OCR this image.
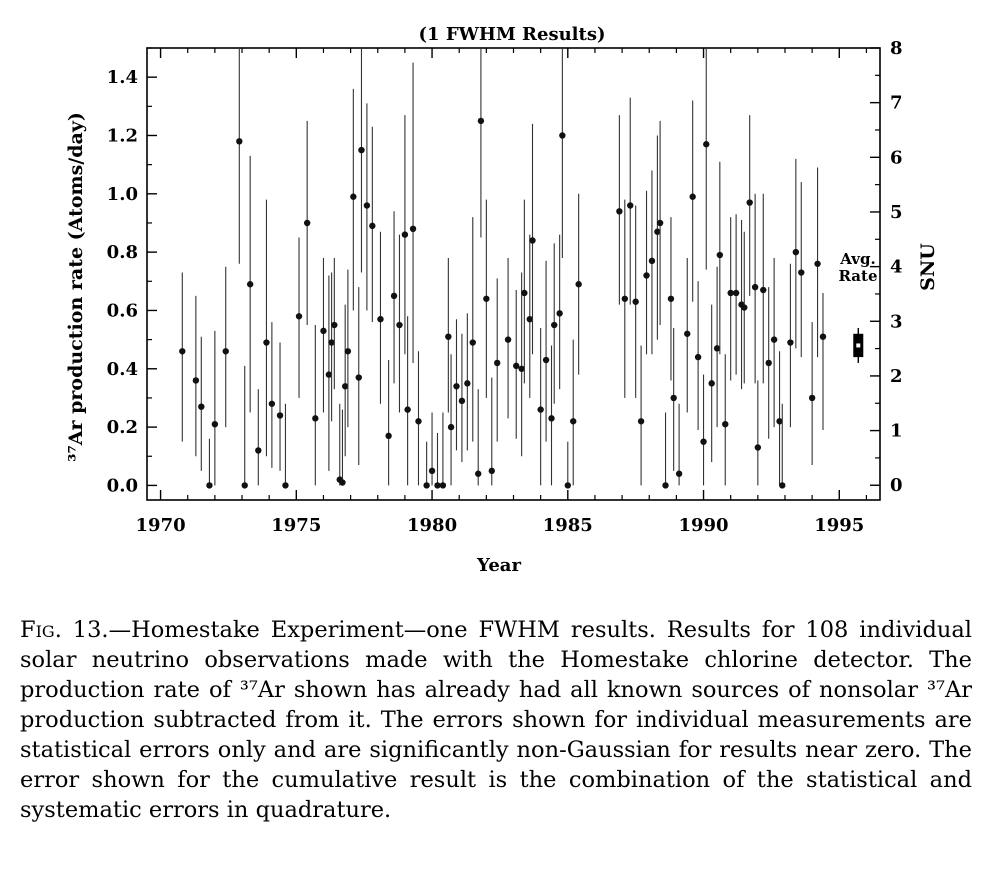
1970	1975	1980	1985	1990	1995
0.0
0.2
0.4
0.6
0.8
1.0
1.2
1.4
0
1
2
3
4
5
6
7
8
(1 FWHM Results)
Year
³⁷Ar production rate (Atoms/day)	SNU
Avg. Rate
Fig. 13.—Homestake Experiment—one FWHM results. Results for 108 individual solar neutrino observations made with the Homestake chlorine detector. The production rate of ³⁷Ar shown has already had all known sources of nonsolar ³⁷Ar production subtracted from it. The errors shown for individual measurements are statistical errors only and are significantly non-Gaussian for results near zero. The error shown for the cumulative result is the combination of the statistical and systematic errors in quadrature.
